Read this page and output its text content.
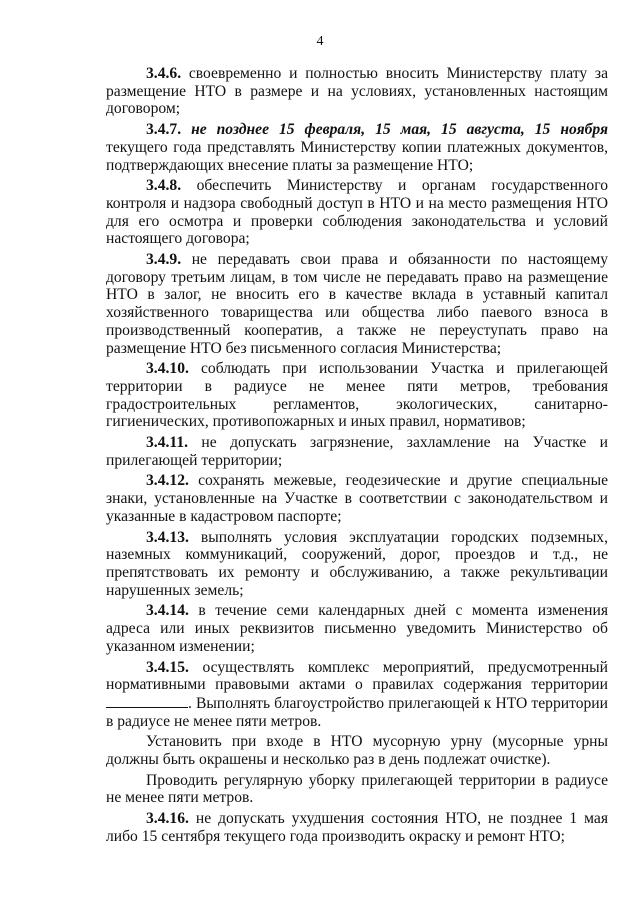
4

3.4.6. своевременно и полностью вносить Министерству плату за размещение НТО в размере и на условиях, установленных настоящим договором;

3.4.7. не позднее 15 февраля, 15 мая, 15 августа, 15 ноября текущего года представлять Министерству копии платежных документов, подтверждающих внесение платы за размещение НТО;

3.4.8. обеспечить Министерству и органам государственного контроля и надзора свободный доступ в НТО и на место размещения НТО для его осмотра и проверки соблюдения законодательства и условий настоящего договора;

3.4.9. не передавать свои права и обязанности по настоящему договору третьим лицам, в том числе не передавать право на размещение НТО в залог, не вносить его в качестве вклада в уставный капитал хозяйственного товарищества или общества либо паевого взноса в производственный кооператив, а также не переуступать право на размещение НТО без письменного согласия Министерства;

3.4.10. соблюдать при использовании Участка и прилегающей территории в радиусе не менее пяти метров, требования градостроительных регламентов, экологических, санитарно-гигиенических, противопожарных и иных правил, нормативов;

3.4.11. не допускать загрязнение, захламление на Участке и прилегающей территории;

3.4.12. сохранять межевые, геодезические и другие специальные знаки, установленные на Участке в соответствии с законодательством и указанные в кадастровом паспорте;

3.4.13. выполнять условия эксплуатации городских подземных, наземных коммуникаций, сооружений, дорог, проездов и т.д., не препятствовать их ремонту и обслуживанию, а также рекультивации нарушенных земель;

3.4.14. в течение семи календарных дней с момента изменения адреса или иных реквизитов письменно уведомить Министерство об указанном изменении;

3.4.15. осуществлять комплекс мероприятий, предусмотренный нормативными правовыми актами о правилах содержания территории. Выполнять благоустройство прилегающей к НТО территории в радиусе не менее пяти метров.

Установить при входе в НТО мусорную урну (мусорные урны должны быть окрашены и несколько раз в день подлежат очистке).

Проводить регулярную уборку прилегающей территории в радиусе не менее пяти метров.

3.4.16. не допускать ухудшения состояния НТО, не позднее 1 мая либо 15 сентября текущего года производить окраску и ремонт НТО;
